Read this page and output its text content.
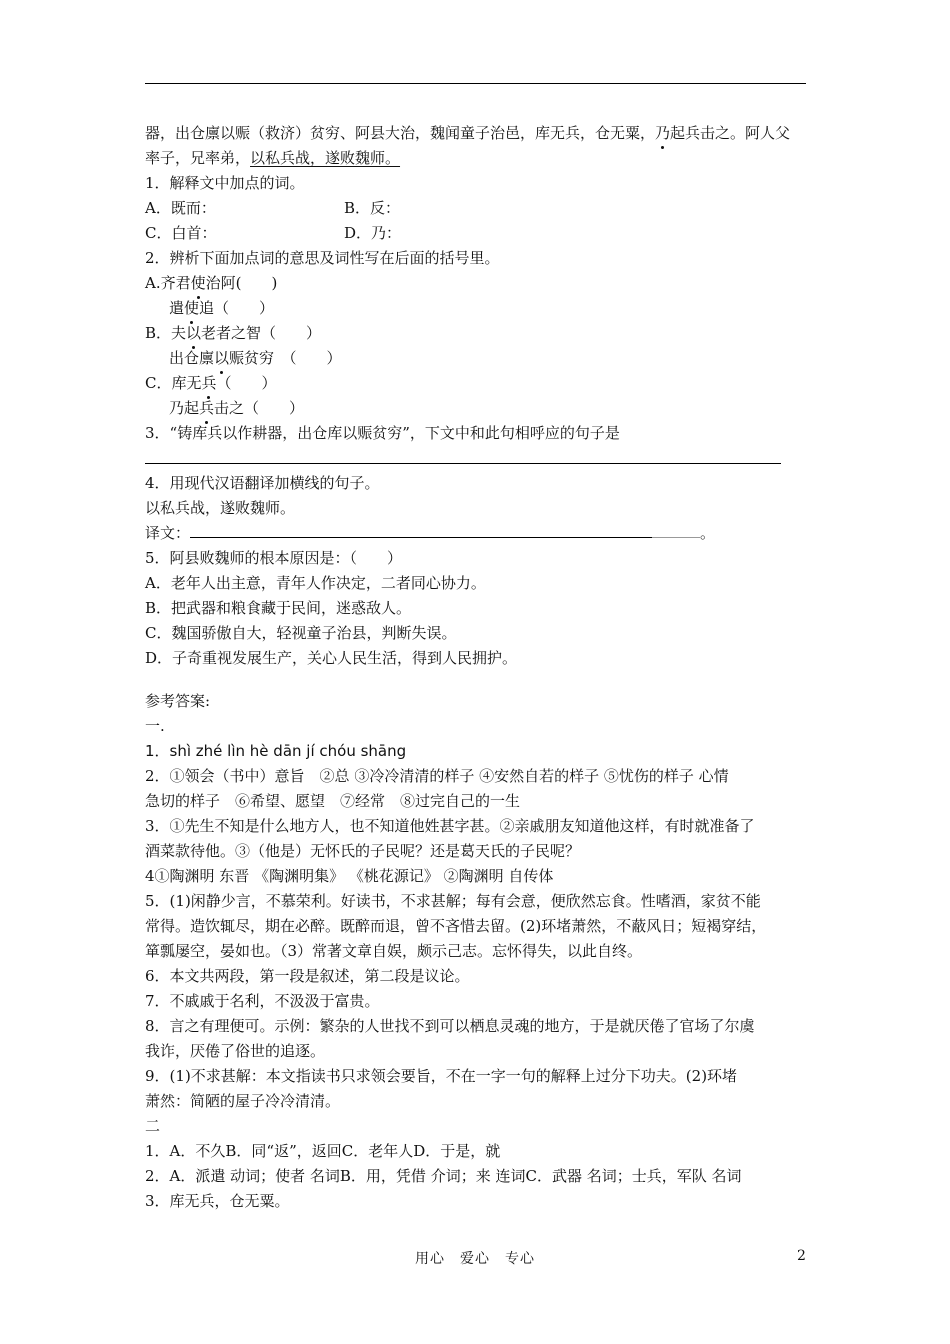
器，出仓廪以赈（救济）贫穷、阿县大治，魏闻童子治邑，库无兵，仓无粟，乃起兵击之。阿人父
率子，兄率弟，以私兵战，遂败魏师。
1．解释文中加点的词。
A．既而：	B．反：
C．白首：	D．乃：
2．辨析下面加点词的意思及词性写在后面的括号里。
A.齐君使治阿(　　)
遣使追（　　）
B．夫以老者之智（　　）
出仓廪以赈贫穷　（　　）
C．库无兵（　　）
乃起兵击之（　　）
3．“铸库兵以作耕器，出仓库以赈贫穷”，下文中和此句相呼应的句子是
4．用现代汉语翻译加横线的句子。
以私兵战，遂败魏师。
译文：	。
5．阿县败魏师的根本原因是：（　　）
A．老年人出主意，青年人作决定，二者同心协力。
B．把武器和粮食藏于民间，迷惑敌人。
C．魏国骄傲自大，轻视童子治县，判断失误。
D．子奇重视发展生产，关心人民生活，得到人民拥护。
参考答案:
一.
1．shì zhé lìn hè dān jí chóu shāng
2．①领会（书中）意旨　②总 ③冷冷清清的样子 ④安然自若的样子 ⑤忧伤的样子 心情
急切的样子　⑥希望、愿望　⑦经常　⑧过完自己的一生
3．①先生不知是什么地方人，也不知道他姓甚字甚。②亲戚朋友知道他这样，有时就准备了
酒菜款待他。③（他是）无怀氏的子民呢？还是葛天氏的子民呢？
4①陶渊明 东晋 《陶渊明集》 《桃花源记》 ②陶渊明 自传体
5．(1)闲静少言，不慕荣利。好读书，不求甚解；每有会意，便欣然忘食。性嗜酒，家贫不能
常得。造饮辄尽，期在必醉。既醉而退，曾不吝惜去留。(2)环堵萧然，不蔽风日；短褐穿结，
箪瓢屡空，晏如也。（3）常著文章自娱，颇示己志。忘怀得失，以此自终。
6．本文共两段，第一段是叙述，第二段是议论。
7．不戚戚于名利，不汲汲于富贵。
8．言之有理便可。示例：繁杂的人世找不到可以栖息灵魂的地方，于是就厌倦了官场了尔虞
我诈，厌倦了俗世的追逐。
9．(1)不求甚解：本文指读书只求领会要旨，不在一字一句的解释上过分下功夫。(2)环堵
萧然：简陋的屋子冷冷清清。
二
1．A．不久B．同“返”，返回C．老年人D．于是，就
2．A．派遣 动词；使者 名词B．用，凭借 介词；来 连词C．武器 名词；士兵，军队 名词
3．库无兵，仓无粟。
用心　爱心　专心	2
